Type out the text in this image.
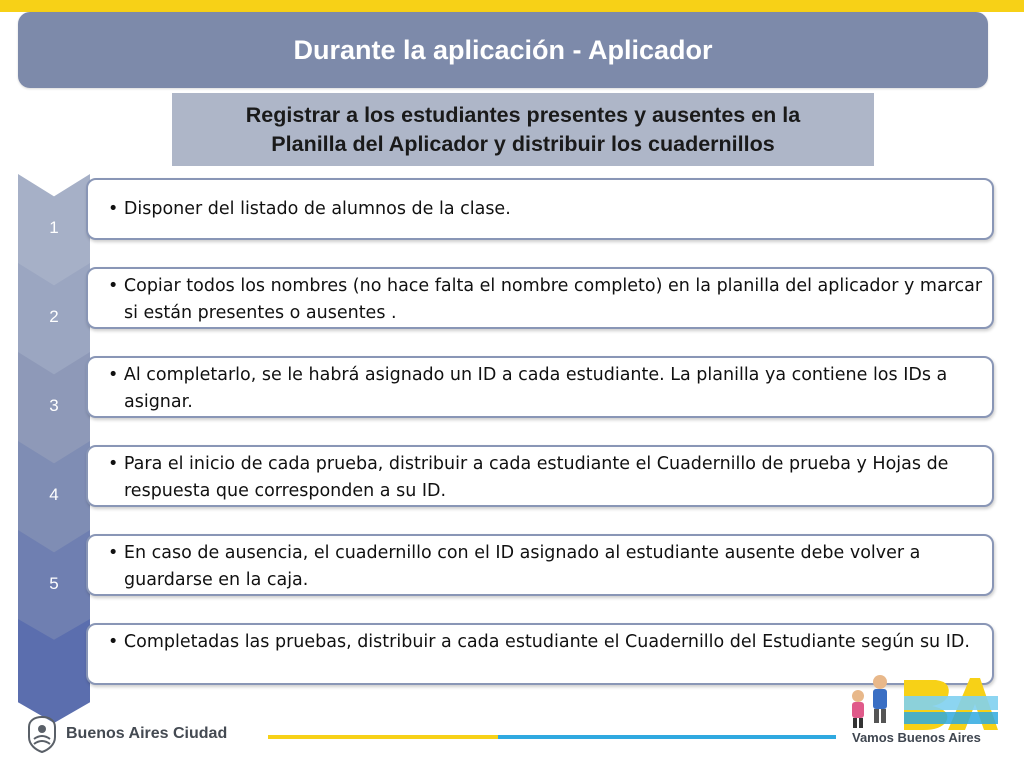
Durante la aplicación - Aplicador
Registrar a los estudiantes presentes y ausentes en la
Planilla del Aplicador y distribuir los cuadernillos
1
• Disponer del listado de alumnos de la clase.
2
• Copiar todos los nombres (no hace falta el nombre completo) en la planilla del aplicador y marcar si están presentes o ausentes .
3
• Al completarlo, se le habrá asignado un ID a cada estudiante. La planilla ya contiene los IDs a asignar.
4
• Para el inicio de cada prueba, distribuir a cada estudiante el Cuadernillo de prueba y Hojas de respuesta que corresponden a su ID.
5
• En caso de ausencia, el cuadernillo con el ID asignado al estudiante ausente debe volver a guardarse en la caja.
• Completadas las pruebas, distribuir a cada estudiante el Cuadernillo del Estudiante según su ID.
Buenos Aires Ciudad	Vamos Buenos Aires
